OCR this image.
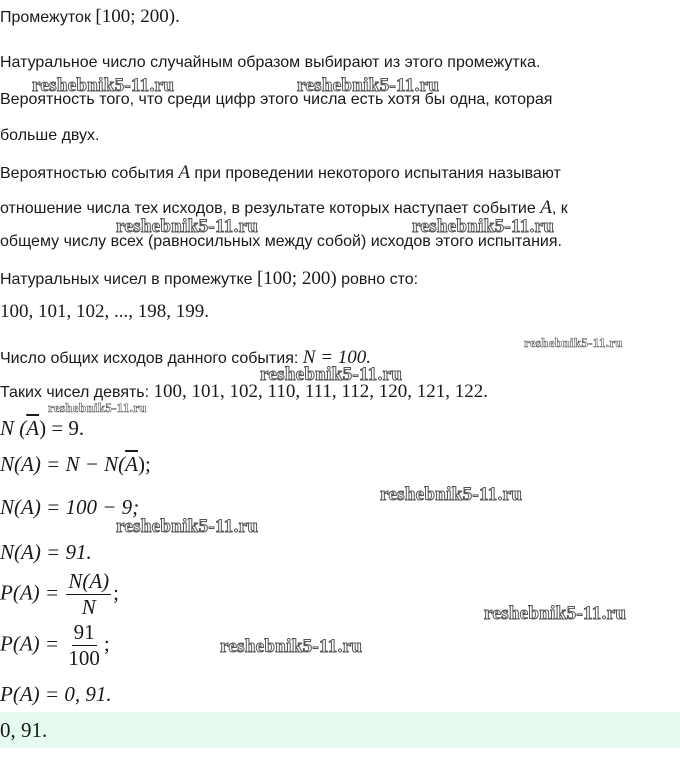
Промежуток [100; 200).
Натуральное число случайным образом выбирают из этого промежутка.
Вероятность того, что среди цифр этого числа есть хотя бы одна, которая
больше двух.
Вероятностью события A при проведении некоторого испытания называют
отношение числа тех исходов, в результате которых наступает событие A, к
общему числу всех (равносильных между собой) исходов этого испытания.
Натуральных чисел в промежутке [100; 200) ровно сто:
100, 101, 102, ..., 198, 199.
Число общих исходов данного события: N = 100.
Таких чисел девять: 100, 101, 102, 110, 111, 112, 120, 121, 122.
N $(\overline{A}) = 9$.
$N(A) = N - N(\overline{A})$;
N(A) = 100 − 9;
N(A) = 91.
$P(A) = \frac{N(A)}{N}$ ;
$P(A) = \frac{91}{100}$ ;
P(A) = 0, 91.
0, 91.
reshebnik5-11.ru	reshebnik5-11.ru
reshebnik5-11.ru	reshebnik5-11.ru
reshebnik5-11.ru
reshebnik5-11.ru
reshebnik5-11.ru
reshebnik5-11.ru
reshebnik5-11.ru
reshebnik5-11.ru
reshebnik5-11.ru
